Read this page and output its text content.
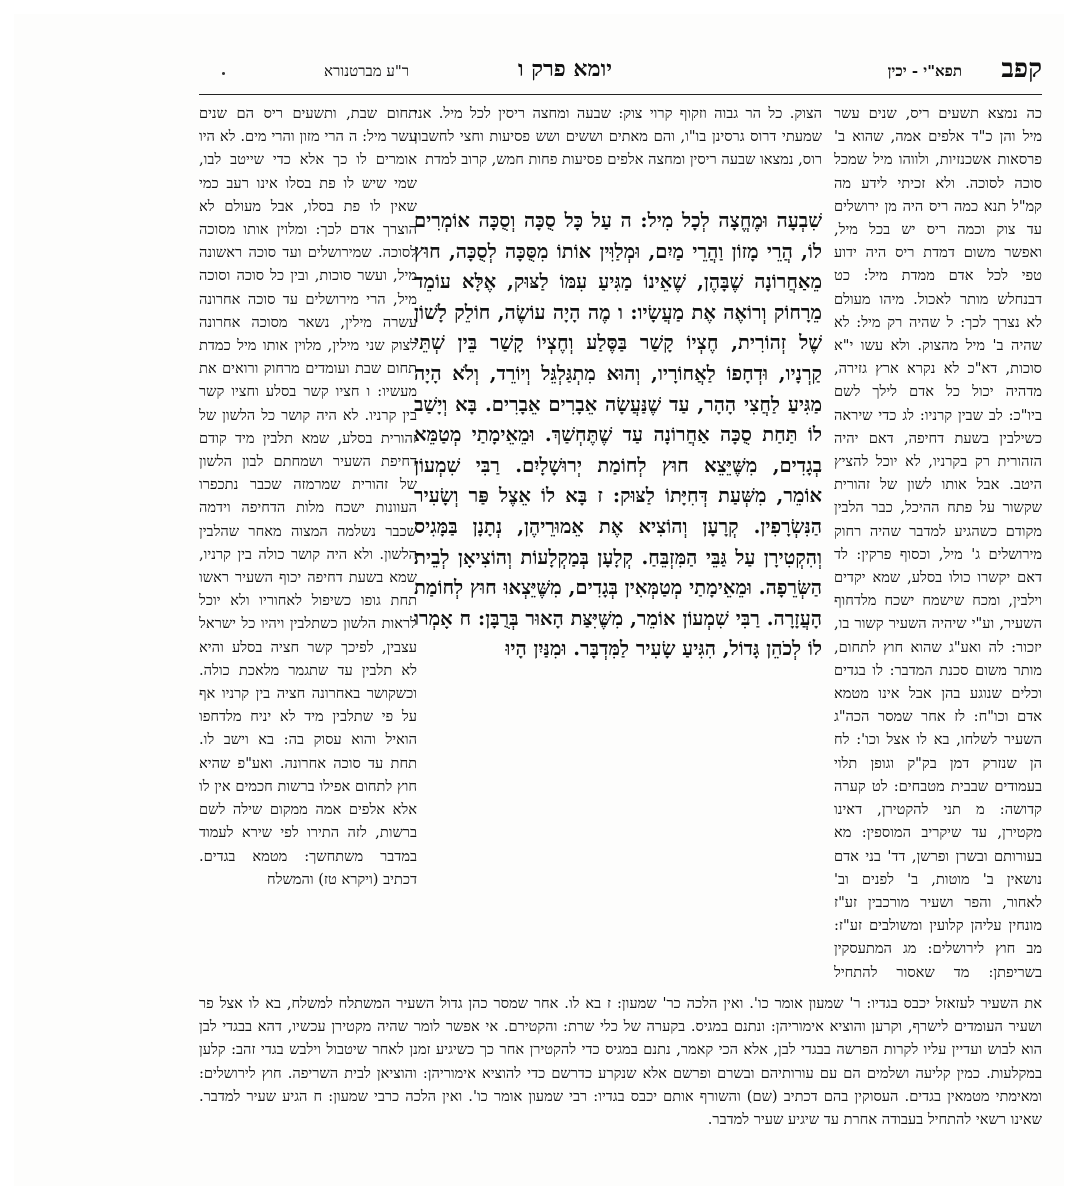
קפב
תפא"י - יכין
יומא פרק ו
ר"ע מברטנורא

כה נמצא תשעים ריס, שנים עשר מיל והן כ"ד אלפים אמה, שהוא ב' פרסאות אשכנזיות, ולווהו מיל שמכל סוכה לסוכה. ולא זכיתי לידע מה קמ"ל תנא כמה ריס היה מן ירושלים עד צוק וכמה ריס יש בכל מיל, ואפשר משום דמדת ריס היה ידוע טפי לכל אדם ממדת מיל: כט דבנחלש מותר לאכול. מיהו מעולם לא נצרך לכך: ל שהיה רק מיל: לא שהיה ב' מיל מהצוק. ולא עשו י"א סוכות, דא"כ לא נקרא ארץ גזירה, מדהיה יכול כל אדם לילך לשם ביו"כ: לב שבין קרניו: לג כדי שיראה כשילבין בשעת דחיפה, דאם יהיה הזהורית רק בקרניו, לא יוכל להציץ היטב. אבל אותו לשון של זהורית שקשור על פתח ההיכל, כבר הלבין מקודם כשהגיע למדבר שהיה רחוק מירושלים ג' מיל, וכסוף פרקין: לד דאם יקשרו כולו בסלע, שמא יקדים וילבין, ומכח שישמח ישכח מלדחוף השעיר, וע"י שיהיה השעיר קשור בו, יזכור: לה ואע"ג שהוא חוץ לתחום, מותר משום סכנת המדבר: לו בגדים וכלים שנוגע בהן אבל אינו מטמא אדם וכו"ח: לז אחר שמסר הכה"ג השעיר לשלחו, בא לו אצל וכו': לח הן שנזרק דמן בק"ק וגופן תלוי בעמודים שבבית מטבחים: לט קערה קדושה: מ תני להקטירן, דאינו מקטירן, עד שיקריב המוספין: מא בעורותם ובשרן ופרשן, דד' בני אדם נושאין ב' מוטות, ב' לפנים וב' לאחור, והפר ושעיר מורכבין זע"ז מונחין עליהן קלועין ומשולבים זע"ז: מב חוץ לירושלים: מג המתעסקין בשריפתן: מד שאסור להתחיל

הצוק. כל הר גבוה וזקוף קרוי צוק: שבעה ומחצה ריסין לכל מיל. אני שמעתי דרוס גרסינן בו"ו, והם מאתים וששים ושש פסיעות וחצי לחשבון רוס, נמצאו שבעה ריסין ומחצה אלפים פסיעות פחות חמש, קרוב למדת

שִׁבְעָה וּמֶחֱצָה לְכָל מִיל: ה עַל כָּל סֻכָּה וְסֻכָּה אוֹמְרִים לוֹ, הֲרֵי מָזוֹן וַהֲרֵי מַיִם, וּמְלַוִּין אוֹתוֹ מִסֻּכָּה לְסֻכָּה, חוּץ מֵאַחֲרוֹנָה שֶׁבָּהֶן, שֶׁאֵינוֹ מַגִּיעַ עִמּוֹ לַצּוּק, אֶלָּא עוֹמֵד מֵרָחוֹק וְרוֹאֶה אֶת מַעֲשָׂיו: ו מֶה הָיָה עוֹשֶׂה, חוֹלֵק לָשׁוֹן שֶׁל זְהוֹרִית, חֶצְיוֹ קָשַׁר בַּסֶּלַע וְחֶצְיוֹ קָשַׁר בֵּין שְׁתֵּי קַרְנָיו, וּדְחָפוֹ לַאֲחוֹרָיו, וְהוּא מִתְגַּלְגֵּל וְיוֹרֵד, וְלֹא הָיָה מַגִּיעַ לַחֲצִי הָהָר, עַד שֶׁנַּעֲשָׂה אֵבָרִים אֵבָרִים. בָּא וְיָשַׁב לוֹ תַּחַת סֻכָּה אַחֲרוֹנָה עַד שֶׁתֶּחְשַׁךְ. וּמֵאֵימָתַי מְטַמֵּא בְגָדִים, מִשֶּׁיֵּצֵא חוּץ לְחוֹמַת יְרוּשָׁלָיִם. רַבִּי שִׁמְעוֹן אוֹמֵר, מִשְּׁעַת דְּחִיָּתוֹ לַצּוּק: ז בָּא לוֹ אֵצֶל פַּר וְשָׂעִיר הַנִּשְׂרָפִין. קְרָעָן וְהוֹצִיא אֶת אֵמוּרֵיהֶן, נְתָנָן בַּמָּגִיס וְהִקְטִירָן עַל גַּבֵּי הַמִּזְבֵּחַ. קְלָעָן בְּמַקְלָעוֹת וְהוֹצִיאָן לְבֵית הַשְּׂרֵפָה. וּמֵאֵימָתַי מְטַמְּאִין בְּגָדִים, מִשֶּׁיֵּצְאוּ חוּץ לְחוֹמַת הָעֲזָרָה. רַבִּי שִׁמְעוֹן אוֹמֵר, מִשֶּׁיִּצַּת הָאוּר בְּרֻבָּן: ח אָמְרוּ לוֹ לְכֹהֵן גָּדוֹל, הִגִּיעַ שָׂעִיר לַמִּדְבָּר. וּמִנַּיִן הָיוּ

תחום שבת, ותשעים ריס הם שנים עשר מיל: ה הרי מזון והרי מים. לא היו אומרים לו כך אלא כדי שייטב לבו, שמי שיש לו פת בסלו אינו רעב כמי שאין לו פת בסלו, אבל מעולם לא הוצרך אדם לכך: ומלוין אותו מסוכה לסוכה. שמירושלים ועד סוכה ראשונה מיל, ועשר סוכות, ובין כל סוכה וסוכה מיל, הרי מירושלים עד סוכה אחרונה עשרה מילין, נשאר מסוכה אחרונה לצוק שני מילין, מלוין אותו מיל כמדת תחום שבת ועומדים מרחוק ורואים את מעשיו: ו חציו קשר בסלע וחציו קשר בין קרניו. לא היה קושר כל הלשון של זהורית בסלע, שמא תלבין מיד קודם דחיפת השעיר ושמחתם לבון הלשון של זהורית שמרמזה שכבר נתכפרו העוונות ישכח מלות הדחיפה וידמה שכבר נשלמה המצוה מאחר שהלבין הלשון. ולא היה קושר כולה בין קרניו, שמא בשעת דחיפה יכוף השעיר ראשו תחת גופו כשיפול לאחוריו ולא יוכל לראות הלשון כשתלבין ויהיו כל ישראל עצבין, לפיכך קשר חציה בסלע והיא לא תלבין עד שתגמר מלאכת כולה. וכשקושר באחרונה חציה בין קרניו אף על פי שתלבין מיד לא יניח מלדחפו הואיל והוא עסוק בה: בא וישב לו. תחת עד סוכה אחרונה. ואע"פ שהיא חוץ לתחום אפילו ברשות חכמים אין לו אלא אלפים אמה ממקום שילה לשם ברשות, לזה התירו לפי שירא לעמוד במדבר משתחשך: מטמא בגדים. דכתיב (ויקרא טז) והמשלח

את השעיר לעזאזל יכבס בגדיו: ר' שמעון אומר כו'. ואין הלכה כר' שמעון: ז בא לו. אחר שמסר כהן גדול השעיר המשתלח למשלח, בא לו אצל פר ושעיר העומדים לישרף, וקרען והוציא אימוריהן: ונתנם במגיס. בקערה של כלי שרת: והקטירם. אי אפשר לומר שהיה מקטירן עכשיו, דהא בבגדי לבן הוא לבוש ועדיין עליו לקרות הפרשה בבגדי לבן, אלא הכי קאמר, נתנם במגיס כדי להקטירן אחר כך כשיגיע זמנן לאחר שיטבול וילבש בגדי זהב: קלען במקלעות. כמין קליעה ושלמים הם עם עורותיהם ובשרם ופרשם אלא שנקרע כדרשם כדי להוציא אימוריהן: והוציאן לבית השריפה. חוץ לירושלים: ומאימתי מטמאין בגדים. העסוקין בהם דכתיב (שם) והשורף אותם יכבס בגדיו: רבי שמעון אומר כו'. ואין הלכה כרבי שמעון: ח הגיע שעיר למדבר. שאינו רשאי להתחיל בעבודה אחרת עד שיגיע שעיר למדבר.
